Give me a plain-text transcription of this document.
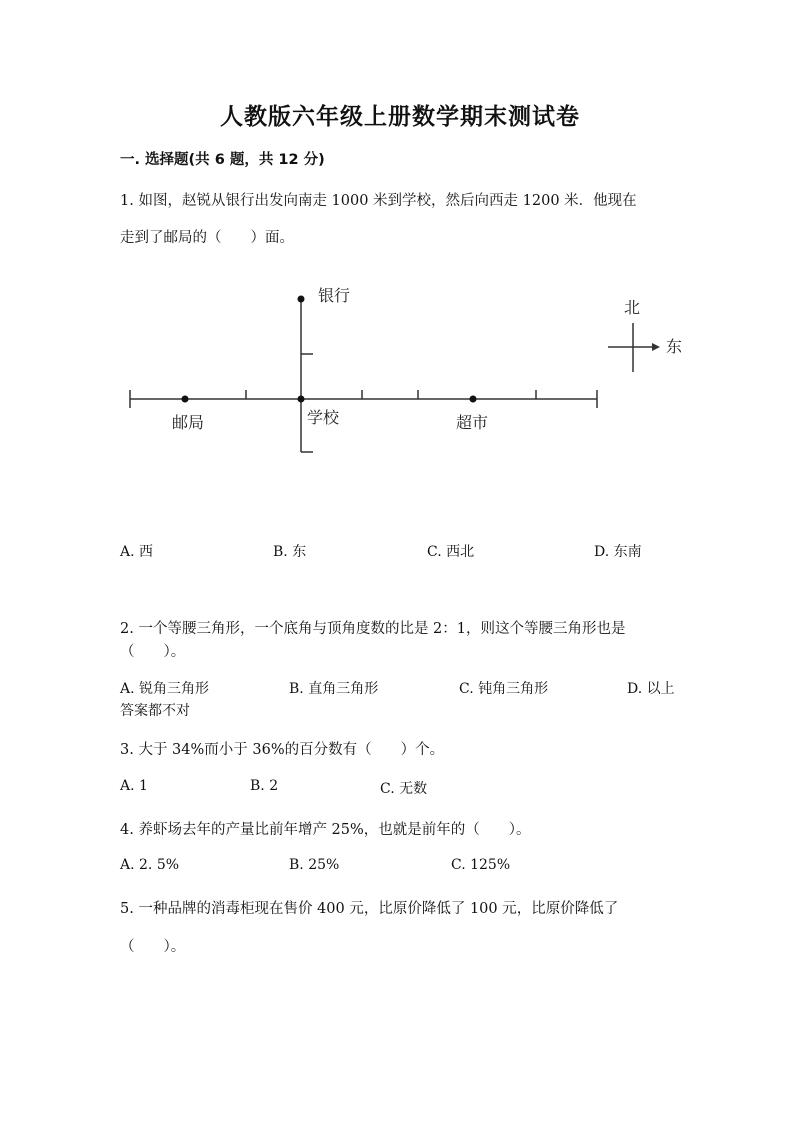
人教版六年级上册数学期末测试卷
一. 选择题(共 6 题，共 12 分)
1. 如图，赵锐从银行出发向南走 1000 米到学校，然后向西走 1200 米．他现在
走到了邮局的（　　）面。
银行
邮局	学校	超市
北
东
A. 西	B. 东	C. 西北	D. 东南
2. 一个等腰三角形，一个底角与顶角度数的比是 2：1，则这个等腰三角形也是
（　　）。
A. 锐角三角形	B. 直角三角形	C. 钝角三角形	D. 以上
答案都不对
3. 大于 34%而小于 36%的百分数有（　　）个。
A. 1	B. 2	C. 无数
4. 养虾场去年的产量比前年增产 25%，也就是前年的（　　）。
A. 2. 5%	B. 25%	C. 125%
5. 一种品牌的消毒柜现在售价 400 元，比原价降低了 100 元，比原价降低了
（　　）。
